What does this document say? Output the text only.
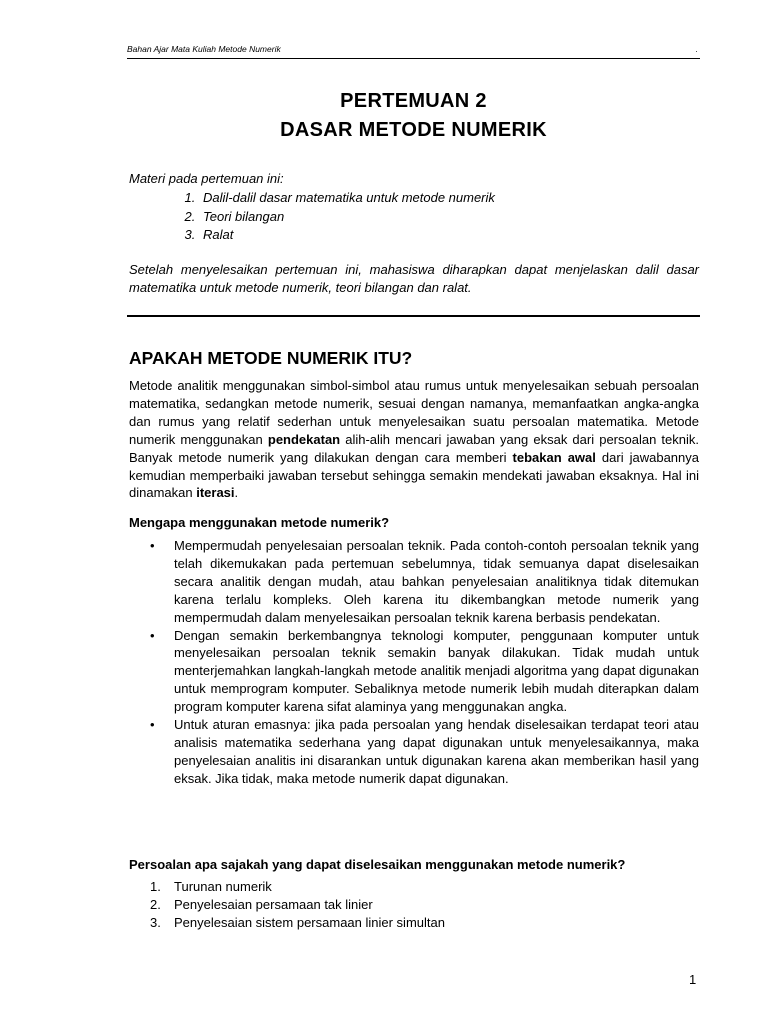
Bahan Ajar Mata Kuliah Metode Numerik	.
PERTEMUAN 2
DASAR METODE NUMERIK

Materi pada pertemuan ini:

1. Dalil-dalil dasar matematika untuk metode numerik
2. Teori bilangan
3. Ralat
Setelah menyelesaikan pertemuan ini, mahasiswa diharapkan dapat menjelaskan dalil dasar matematika untuk metode numerik, teori bilangan dan ralat.
APAKAH METODE NUMERIK ITU?
Metode analitik menggunakan simbol-simbol atau rumus untuk menyelesaikan sebuah persoalan matematika, sedangkan metode numerik, sesuai dengan namanya, memanfaatkan angka-angka dan rumus yang relatif sederhan untuk menyelesaikan suatu persoalan matematika. Metode numerik menggunakan pendekatan alih-alih mencari jawaban yang eksak dari persoalan teknik. Banyak metode numerik yang dilakukan dengan cara memberi tebakan awal dari jawabannya kemudian memperbaiki jawaban tersebut sehingga semakin mendekati jawaban eksaknya. Hal ini dinamakan iterasi.
Mengapa menggunakan metode numerik?
• Mempermudah penyelesaian persoalan teknik. Pada contoh-contoh persoalan teknik yang telah dikemukakan pada pertemuan sebelumnya, tidak semuanya dapat diselesaikan secara analitik dengan mudah, atau bahkan penyelesaian analitiknya tidak ditemukan karena terlalu kompleks. Oleh karena itu dikembangkan metode numerik yang mempermudah dalam menyelesaikan persoalan teknik karena berbasis pendekatan.
• Dengan semakin berkembangnya teknologi komputer, penggunaan komputer untuk menyelesaikan persoalan teknik semakin banyak dilakukan. Tidak mudah untuk menterjemahkan langkah-langkah metode analitik menjadi algoritma yang dapat digunakan untuk memprogram komputer. Sebaliknya metode numerik lebih mudah diterapkan dalam program komputer karena sifat alaminya yang menggunakan angka.
• Untuk aturan emasnya: jika pada persoalan yang hendak diselesaikan terdapat teori atau analisis matematika sederhana yang dapat digunakan untuk menyelesaikannya, maka penyelesaian analitis ini disarankan untuk digunakan karena akan memberikan hasil yang eksak. Jika tidak, maka metode numerik dapat digunakan.
Persoalan apa sajakah yang dapat diselesaikan menggunakan metode numerik?
1. Turunan numerik
2. Penyelesaian persamaan tak linier
3. Penyelesaian sistem persamaan linier simultan
1
